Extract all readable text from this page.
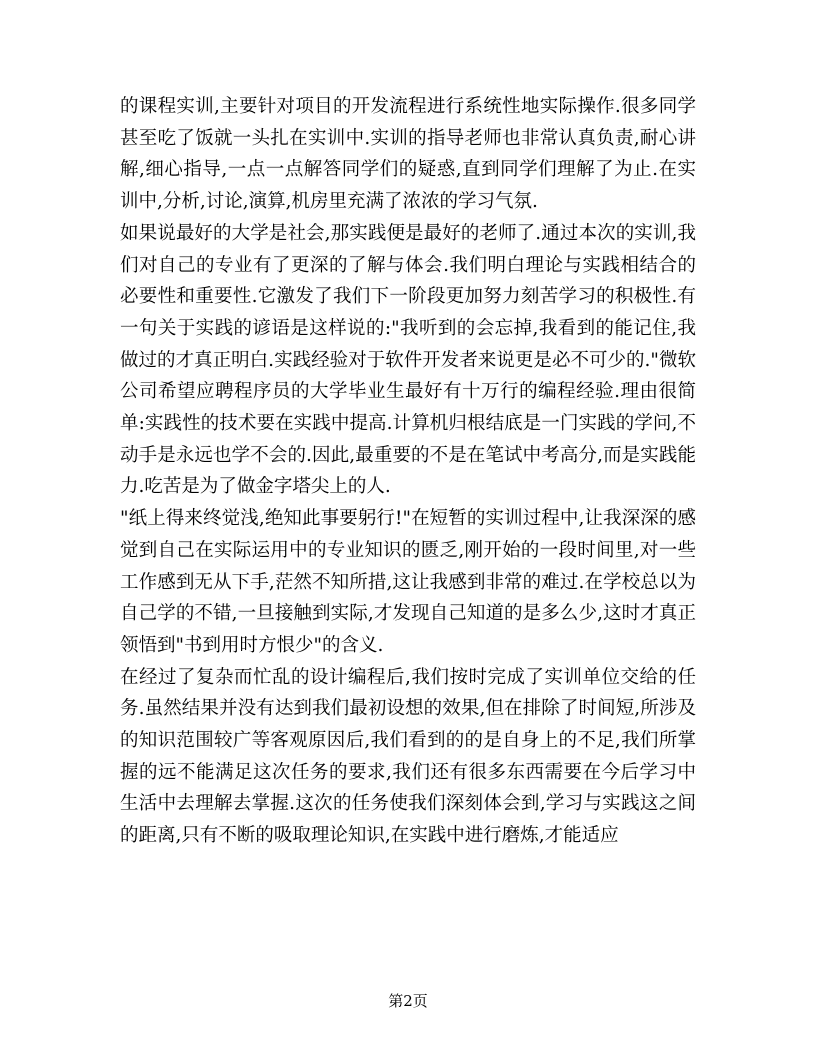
的课程实训,主要针对项目的开发流程进行系统性地实际操作.很多同学甚至吃了饭就一头扎在实训中.实训的指导老师也非常认真负责,耐心讲解,细心指导,一点一点解答同学们的疑惑,直到同学们理解了为止.在实训中,分析,讨论,演算,机房里充满了浓浓的学习气氛.

如果说最好的大学是社会,那实践便是最好的老师了.通过本次的实训,我们对自己的专业有了更深的了解与体会.我们明白理论与实践相结合的必要性和重要性.它激发了我们下一阶段更加努力刻苦学习的积极性.有一句关于实践的谚语是这样说的:"我听到的会忘掉,我看到的能记住,我做过的才真正明白.实践经验对于软件开发者来说更是必不可少的."微软公司希望应聘程序员的大学毕业生最好有十万行的编程经验.理由很简单:实践性的技术要在实践中提高.计算机归根结底是一门实践的学问,不动手是永远也学不会的.因此,最重要的不是在笔试中考高分,而是实践能力.吃苦是为了做金字塔尖上的人.

"纸上得来终觉浅,绝知此事要躬行!"在短暂的实训过程中,让我深深的感觉到自己在实际运用中的专业知识的匮乏,刚开始的一段时间里,对一些工作感到无从下手,茫然不知所措,这让我感到非常的难过.在学校总以为自己学的不错,一旦接触到实际,才发现自己知道的是多么少,这时才真正领悟到"书到用时方恨少"的含义.

在经过了复杂而忙乱的设计编程后,我们按时完成了实训单位交给的任务.虽然结果并没有达到我们最初设想的效果,但在排除了时间短,所涉及的知识范围较广等客观原因后,我们看到的的是自身上的不足,我们所掌握的远不能满足这次任务的要求,我们还有很多东西需要在今后学习中生活中去理解去掌握.这次的任务使我们深刻体会到,学习与实践这之间的距离,只有不断的吸取理论知识,在实践中进行磨炼,才能适应

第2页
